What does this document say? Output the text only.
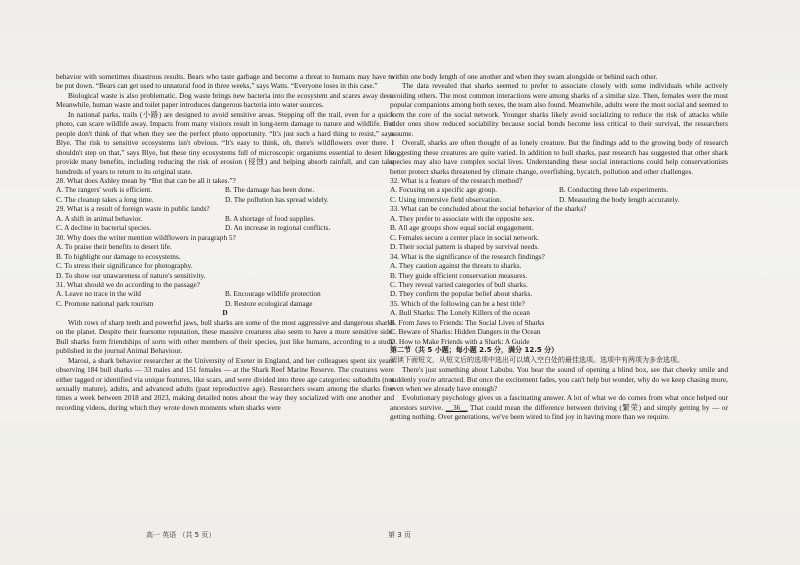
behavior with sometimes disastrous results. Bears who taste garbage and become a threat to humans may have to be put down. “Bears can get used to unnatural food in three weeks,” says Watts. “Everyone loses in this case.”

Biological waste is also problematic. Dog waste brings new bacteria into the ecosystem and scares away deer. Meanwhile, human waste and toilet paper introduces dangerous bacteria into water sources.

In national parks, trails (小路) are designed to avoid sensitive areas. Stepping off the trail, even for a quick photo, can scare wildlife away. Impacts from many visitors result in long-term damage to nature and wildlife. But people don't think of that when they see the perfect photo opportunity. “It's just such a hard thing to resist,” says Blye. The risk to sensitive ecosystems isn't obvious. “It's easy to think, oh, there's wildflowers over there. I shouldn't step on that,” says Blye, but these tiny ecosystems full of microscopic organisms essential to desert life provide many benefits, including reducing the risk of erosion (侵蚀) and helping absorb rainfall, and can take hundreds of years to return to its original state.

28. What does Ashley mean by “But that can be all it takes.”?

A. The rangers' work is efficient.	B. The damage has been done.
C. The cleanup takes a long time.	D. The pollution has spread widely.

29. What is a result of foreign waste in public lands?

A. A shift in animal behavior.	B. A shortage of food supplies.
C. A decline in bacterial species.	D. An increase in regional conflicts.

30. Why does the writer mention wildflowers in paragraph 5?

A. To praise their benefits to desert life.

B. To highlight our damage to ecosystems.

C. To stress their significance for photography.

D. To show our unawareness of nature's sensitivity.

31. What should we do according to the passage?

A. Leave no trace in the wild	B. Encourage wildlife protection
C. Promote national park tourism	D. Restore ecological damage

D

With rows of sharp teeth and powerful jaws, bull sharks are some of the most aggressive and dangerous sharks on the planet. Despite their fearsome reputation, these massive creatures also seem to have a more sensitive side: Bull sharks form friendships of sorts with other members of their species, just like humans, according to a study published in the journal Animal Behaviour.

Marosi, a shark behavior researcher at the University of Exeter in England, and her colleagues spent six years observing 184 bull sharks — 33 males and 151 females — at the Shark Reef Marine Reserve. The creatures were either tagged or identified via unique features, like scars, and were divided into three age categories: subadults (not sexually mature), adults, and advanced adults (past reproductive age). Researchers swam among the sharks five times a week between 2018 and 2023, making detailed notes about the way they socialized with one another and recording videos, during which they wrote down moments when sharks were

within one body length of one another and when they swam alongside or behind each other.

The data revealed that sharks seemed to prefer to associate closely with some individuals while actively avoiding others. The most common interactions were among sharks of a similar size. Then, females were the most popular companions among both sexes, the team also found. Meanwhile, adults were the most social and seemed to form the core of the social network. Younger sharks likely avoid socializing to reduce the risk of attacks while older ones show reduced sociability because social bonds become less critical to their survival, the researchers assume.

Overall, sharks are often thought of as lonely creature. But the findings add to the growing body of research suggesting these creatures are quite varied. In addition to bull sharks, past research has suggested that other shark species may also have complex social lives. Understanding these social interactions could help conservationists better protect sharks threatened by climate change, overfishing, bycatch, pollution and other challenges.

32. What is a feature of the research method?

A. Focusing on a specific age group.	B. Conducting three lab experiments.
C. Using immersive field observation.	D. Measuring the body length accurately.

33. What can be concluded about the social behavior of the sharks?

A. They prefer to associate with the opposite sex.

B. All age groups show equal social engagement.

C. Females secure a center place in social network.

D. Their social pattern is shaped by survival needs.

34. What is the significance of the research findings?

A. They caution against the threats to sharks.

B. They guide efficient conservation measures.

C. They reveal varied categories of bull sharks.

D. They confirm the popular belief about sharks.

35. Which of the following can be a best title?

A. Bull Sharks: The Lonely Killers of the ocean

B. From Jaws to Friends: The Social Lives of Sharks

C. Beware of Sharks: Hidden Dangers in the Ocean

D. How to Make Friends with a Shark: A Guide

第二节（共 5 小题；每小题 2.5 分，满分 12.5 分）

阅读下面短文，从短文后的选项中选出可以填入空白处的最佳选项。选项中有两项为多余选项。

There's just something about Labubu. You hear the sound of opening a blind box, see that cheeky smile and suddenly you're attracted. But once the excitement fades, you can't help but wonder, why do we keep chasing more, even when we already have enough?

Evolutionary psychology gives us a fascinating answer. A lot of what we do comes from what once helped our ancestors survive. __36__ That could mean the difference between thriving (繁荣) and simply getting by — or getting nothing. Over generations, we've been wired to find joy in having more than we require.

高一 英语 （共 5 页）	第 3 页
